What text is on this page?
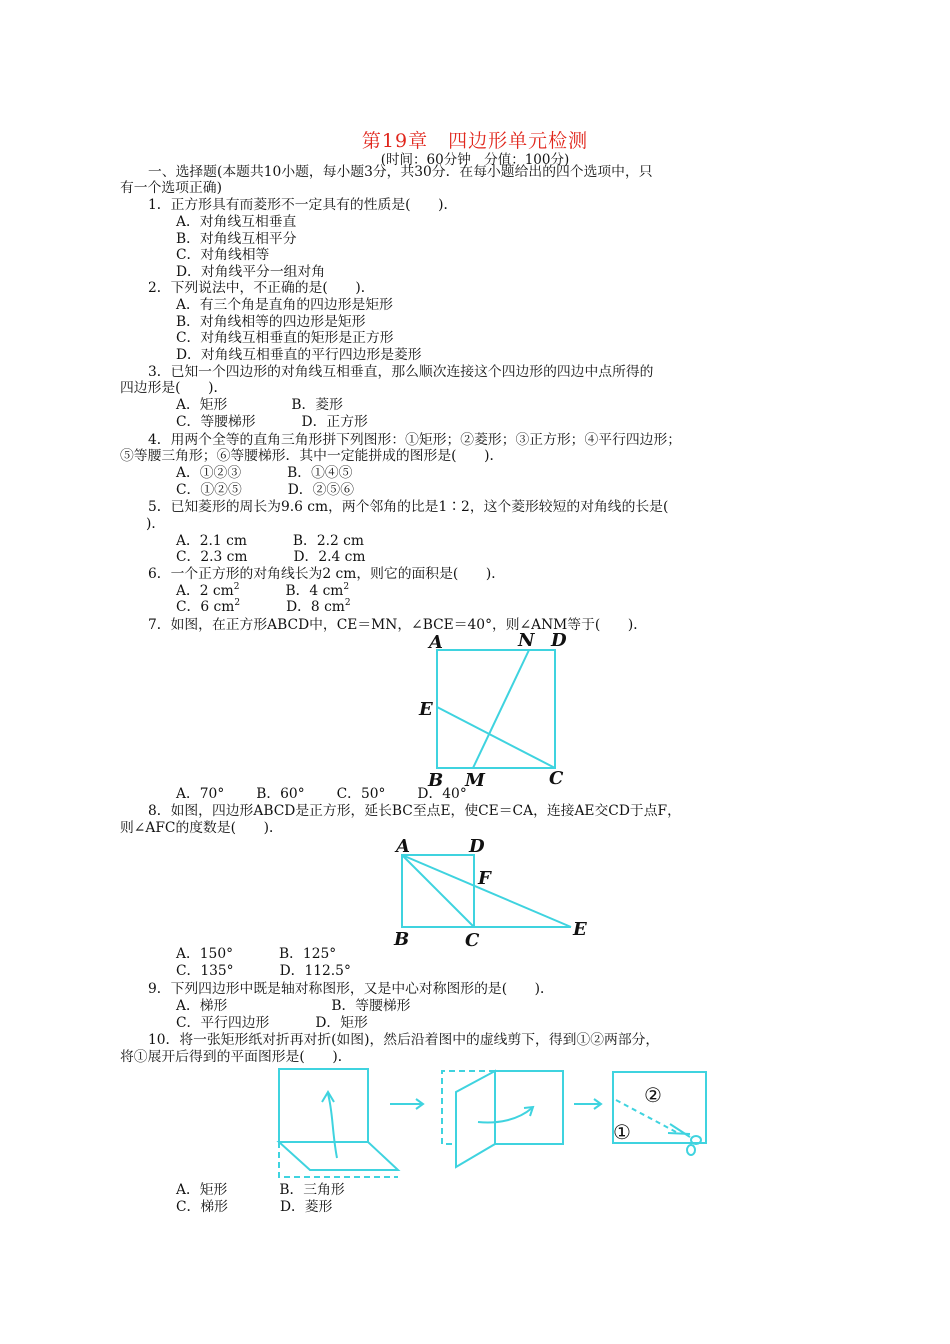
第19章　四边形单元检测
(时间：60分钟　分值：100分)
一、选择题(本题共10小题，每小题3分，共30分．在每小题给出的四个选项中，只
有一个选项正确)
1．正方形具有而菱形不一定具有的性质是(　　)．
A．对角线互相垂直
B．对角线互相平分
C．对角线相等
D．对角线平分一组对角
2．下列说法中，不正确的是(　　)．
A．有三个角是直角的四边形是矩形
B．对角线相等的四边形是矩形
C．对角线互相垂直的矩形是正方形
D．对角线互相垂直的平行四边形是菱形
3．已知一个四边形的对角线互相垂直，那么顺次连接这个四边形的四边中点所得的
四边形是(　　)．
A．矩形	B．菱形
C．等腰梯形	D．正方形
4．用两个全等的直角三角形拼下列图形：①矩形；②菱形；③正方形；④平行四边形；
⑤等腰三角形；⑥等腰梯形．其中一定能拼成的图形是(　　)．
A．①②③	B．①④⑤
C．①②⑤	D．②⑤⑥
5．已知菱形的周长为9.6 cm，两个邻角的比是1∶2，这个菱形较短的对角线的长是(
)．
A．2.1 cm	B．2.2 cm
C．2.3 cm	D．2.4 cm
6．一个正方形的对角线长为2 cm，则它的面积是(　　)．
A．2 $cm^2$	B．4 $cm^2$
C．6 $cm^2$	D．8 $cm^2$
7．如图，在正方形ABCD中，CE＝MN，∠BCE＝40°，则∠ANM等于(　　)．
A	N D
E
B M	C
A．70° B．60° C．50° D．40°
8．如图，四边形ABCD是正方形，延长BC至点E，使CE＝CA，连接AE交CD于点F，
则∠AFC的度数是(　　)．
A	D
F
B	C
E
A．150°	B．125°
C．135°	D．112.5°
9．下列四边形中既是轴对称图形，又是中心对称图形的是(　　)．
A．梯形	B．等腰梯形
C．平行四边形	D．矩形
10．将一张矩形纸对折再对折(如图)，然后沿着图中的虚线剪下，得到①②两部分，
将①展开后得到的平面图形是(　　)．
②
①
A．矩形	B．三角形
C．梯形	D．菱形
